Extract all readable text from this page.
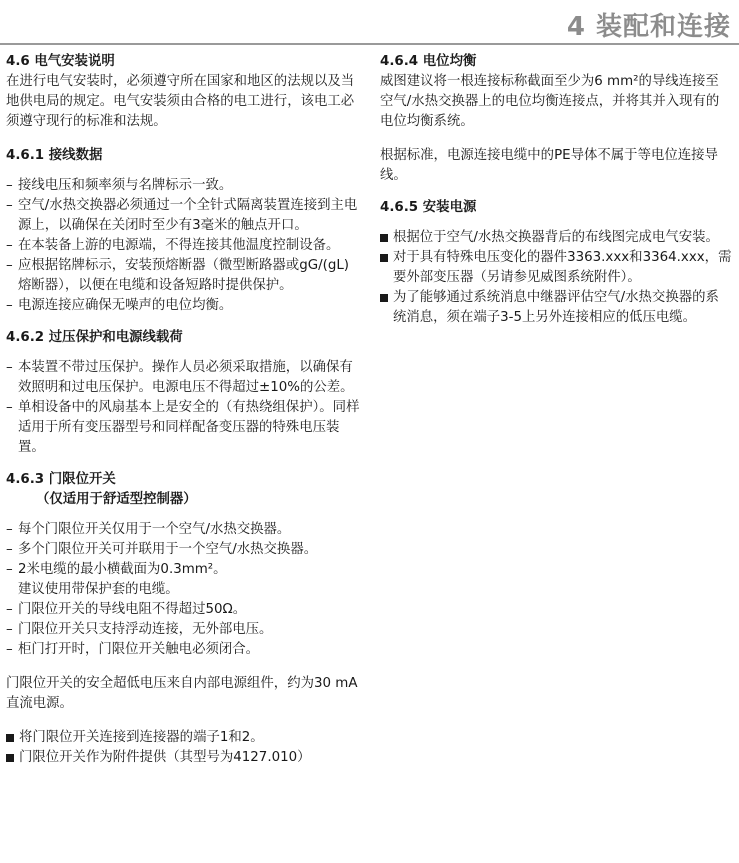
4 装配和连接

4.6 电气安装说明

在进行电气安装时，必须遵守所在国家和地区的法规以及当地供电局的规定。电气安装须由合格的电工进行，该电工必须遵守现行的标准和法规。

4.6.1 接线数据

– 接线电压和频率须与名牌标示一致。
– 空气/水热交换器必须通过一个全针式隔离装置连接到主电源上，以确保在关闭时至少有3毫米的触点开口。
– 在本装备上游的电源端，不得连接其他温度控制设备。
– 应根据铭牌标示，安装预熔断器（微型断路器或gG/(gL)熔断器），以便在电缆和设备短路时提供保护。
– 电源连接应确保无噪声的电位均衡。

4.6.2 过压保护和电源线载荷

– 本装置不带过压保护。操作人员必须采取措施，以确保有效照明和过电压保护。电源电压不得超过±10%的公差。
– 单相设备中的风扇基本上是安全的（有热绕组保护）。同样适用于所有变压器型号和同样配备变压器的特殊电压装置。

4.6.3 门限位开关

（仅适用于舒适型控制器）
– 每个门限位开关仅用于一个空气/水热交换器。
– 多个门限位开关可并联用于一个空气/水热交换器。
– 2米电缆的最小横截面为0.3mm²。
建议使用带保护套的电缆。
– 门限位开关的导线电阻不得超过50Ω。
– 门限位开关只支持浮动连接，无外部电压。
– 柜门打开时，门限位开关触电必须闭合。

门限位开关的安全超低电压来自内部电源组件，约为30 mA直流电源。

将门限位开关连接到连接器的端子1和2。
门限位开关作为附件提供（其型号为4127.010）

4.6.4 电位均衡

威图建议将一根连接标称截面至少为6 mm²的导线连接至空气/水热交换器上的电位均衡连接点，并将其并入现有的电位均衡系统。

根据标准，电源连接电缆中的PE导体不属于等电位连接导线。

4.6.5 安装电源

根据位于空气/水热交换器背后的布线图完成电气安装。
对于具有特殊电压变化的器件3363.xxx和3364.xxx，需要外部变压器（另请参见威图系统附件）。
为了能够通过系统消息中继器评估空气/水热交换器的系统消息，须在端子3-5上另外连接相应的低压电缆。
